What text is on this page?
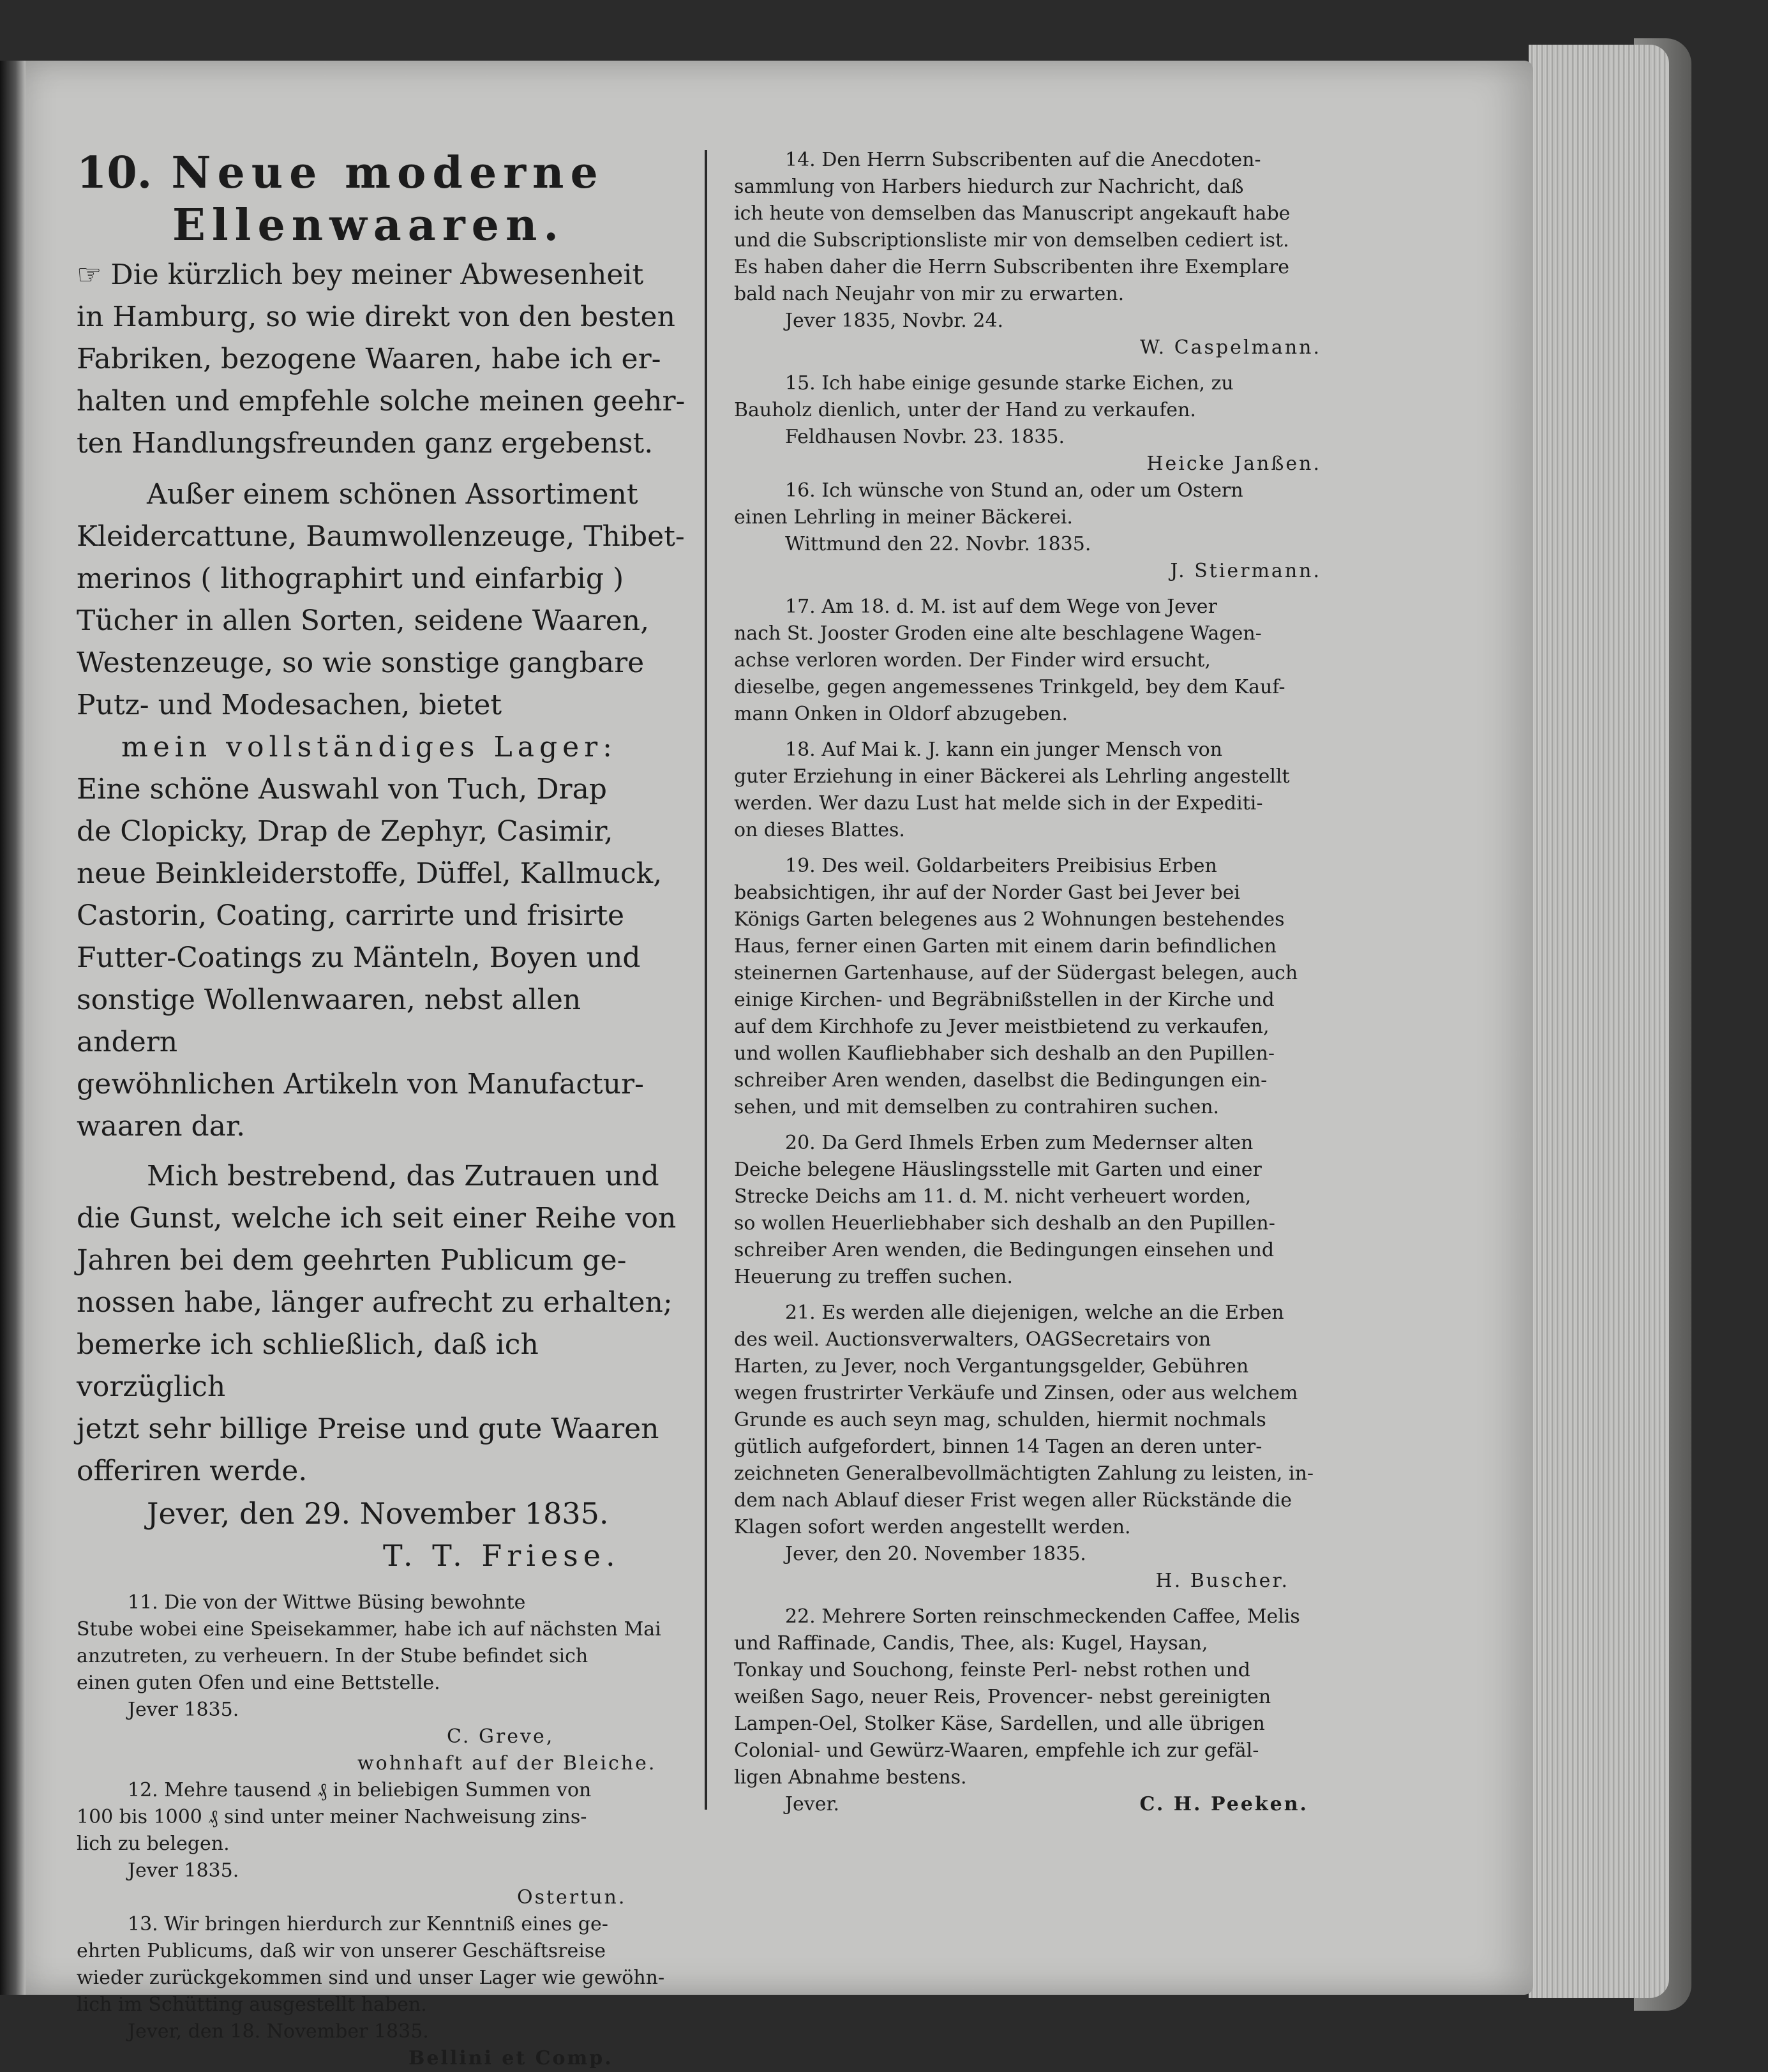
10. Neue moderne
Ellenwaaren.

☞ Die kürzlich bey meiner Abwesenheit

in Hamburg, so wie direkt von den besten

Fabriken, bezogene Waaren, habe ich er-

halten und empfehle solche meinen geehr-

ten Handlungsfreunden ganz ergebenst.

Außer einem schönen Assortiment

Kleidercattune, Baumwollenzeuge, Thibet-

merinos ( lithographirt und einfarbig )

Tücher in allen Sorten, seidene Waaren,

Westenzeuge, so wie sonstige gangbare

Putz- und Modesachen, bietet

mein vollständiges Lager:

Eine schöne Auswahl von Tuch, Drap

de Clopicky, Drap de Zephyr, Casimir,

neue Beinkleiderstoffe, Düffel, Kallmuck,

Castorin, Coating, carrirte und frisirte

Futter-Coatings zu Mänteln, Boyen und

sonstige Wollenwaaren, nebst allen andern

gewöhnlichen Artikeln von Manufactur-

waaren dar.

Mich bestrebend, das Zutrauen und

die Gunst, welche ich seit einer Reihe von

Jahren bei dem geehrten Publicum ge-

nossen habe, länger aufrecht zu erhalten;

bemerke ich schließlich, daß ich vorzüglich

jetzt sehr billige Preise und gute Waaren

offeriren werde.

Jever, den 29. November 1835.

T. T. Friese.

11. Die von der Wittwe Büsing bewohnte

Stube wobei eine Speisekammer, habe ich auf nächsten Mai

anzutreten, zu verheuern. In der Stube befindet sich

einen guten Ofen und eine Bettstelle.

Jever 1835.

C. Greve,

wohnhaft auf der Bleiche.

12. Mehre tausend ₰ in beliebigen Summen von

100 bis 1000 ₰ sind unter meiner Nachweisung zins-

lich zu belegen.

Jever 1835.

Ostertun.

13. Wir bringen hierdurch zur Kenntniß eines ge-

ehrten Publicums, daß wir von unserer Geschäftsreise

wieder zurückgekommen sind und unser Lager wie gewöhn-

lich im Schütting ausgestellt haben.

Jever, den 18. November 1835.

Bellini et Comp.

14. Den Herrn Subscribenten auf die Anecdoten-

sammlung von Harbers hiedurch zur Nachricht, daß

ich heute von demselben das Manuscript angekauft habe

und die Subscriptionsliste mir von demselben cediert ist.

Es haben daher die Herrn Subscribenten ihre Exemplare

bald nach Neujahr von mir zu erwarten.

Jever 1835, Novbr. 24.

W. Caspelmann.

15. Ich habe einige gesunde starke Eichen, zu

Bauholz dienlich, unter der Hand zu verkaufen.

Feldhausen Novbr. 23. 1835.

Heicke Janßen.

16. Ich wünsche von Stund an, oder um Ostern

einen Lehrling in meiner Bäckerei.

Wittmund den 22. Novbr. 1835.

J. Stiermann.

17. Am 18. d. M. ist auf dem Wege von Jever

nach St. Jooster Groden eine alte beschlagene Wagen-

achse verloren worden. Der Finder wird ersucht,

dieselbe, gegen angemessenes Trinkgeld, bey dem Kauf-

mann Onken in Oldorf abzugeben.

18. Auf Mai k. J. kann ein junger Mensch von

guter Erziehung in einer Bäckerei als Lehrling angestellt

werden. Wer dazu Lust hat melde sich in der Expediti-

on dieses Blattes.

19. Des weil. Goldarbeiters Preibisius Erben

beabsichtigen, ihr auf der Norder Gast bei Jever bei

Königs Garten belegenes aus 2 Wohnungen bestehendes

Haus, ferner einen Garten mit einem darin befindlichen

steinernen Gartenhause, auf der Südergast belegen, auch

einige Kirchen- und Begräbnißstellen in der Kirche und

auf dem Kirchhofe zu Jever meistbietend zu verkaufen,

und wollen Kaufliebhaber sich deshalb an den Pupillen-

schreiber Aren wenden, daselbst die Bedingungen ein-

sehen, und mit demselben zu contrahiren suchen.

20. Da Gerd Ihmels Erben zum Medernser alten

Deiche belegene Häuslingsstelle mit Garten und einer

Strecke Deichs am 11. d. M. nicht verheuert worden,

so wollen Heuerliebhaber sich deshalb an den Pupillen-

schreiber Aren wenden, die Bedingungen einsehen und

Heuerung zu treffen suchen.

21. Es werden alle diejenigen, welche an die Erben

des weil. Auctionsverwalters, OAGSecretairs von

Harten, zu Jever, noch Vergantungsgelder, Gebühren

wegen frustrirter Verkäufe und Zinsen, oder aus welchem

Grunde es auch seyn mag, schulden, hiermit nochmals

gütlich aufgefordert, binnen 14 Tagen an deren unter-

zeichneten Generalbevollmächtigten Zahlung zu leisten, in-

dem nach Ablauf dieser Frist wegen aller Rückstände die

Klagen sofort werden angestellt werden.

Jever, den 20. November 1835.

H. Buscher.

22. Mehrere Sorten reinschmeckenden Caffee, Melis

und Raffinade, Candis, Thee, als: Kugel, Haysan,

Tonkay und Souchong, feinste Perl- nebst rothen und

weißen Sago, neuer Reis, Provencer- nebst gereinigten

Lampen-Oel, Stolker Käse, Sardellen, und alle übrigen

Colonial- und Gewürz-Waaren, empfehle ich zur gefäl-

ligen Abnahme bestens.

Jever.	C. H. Peeken.
